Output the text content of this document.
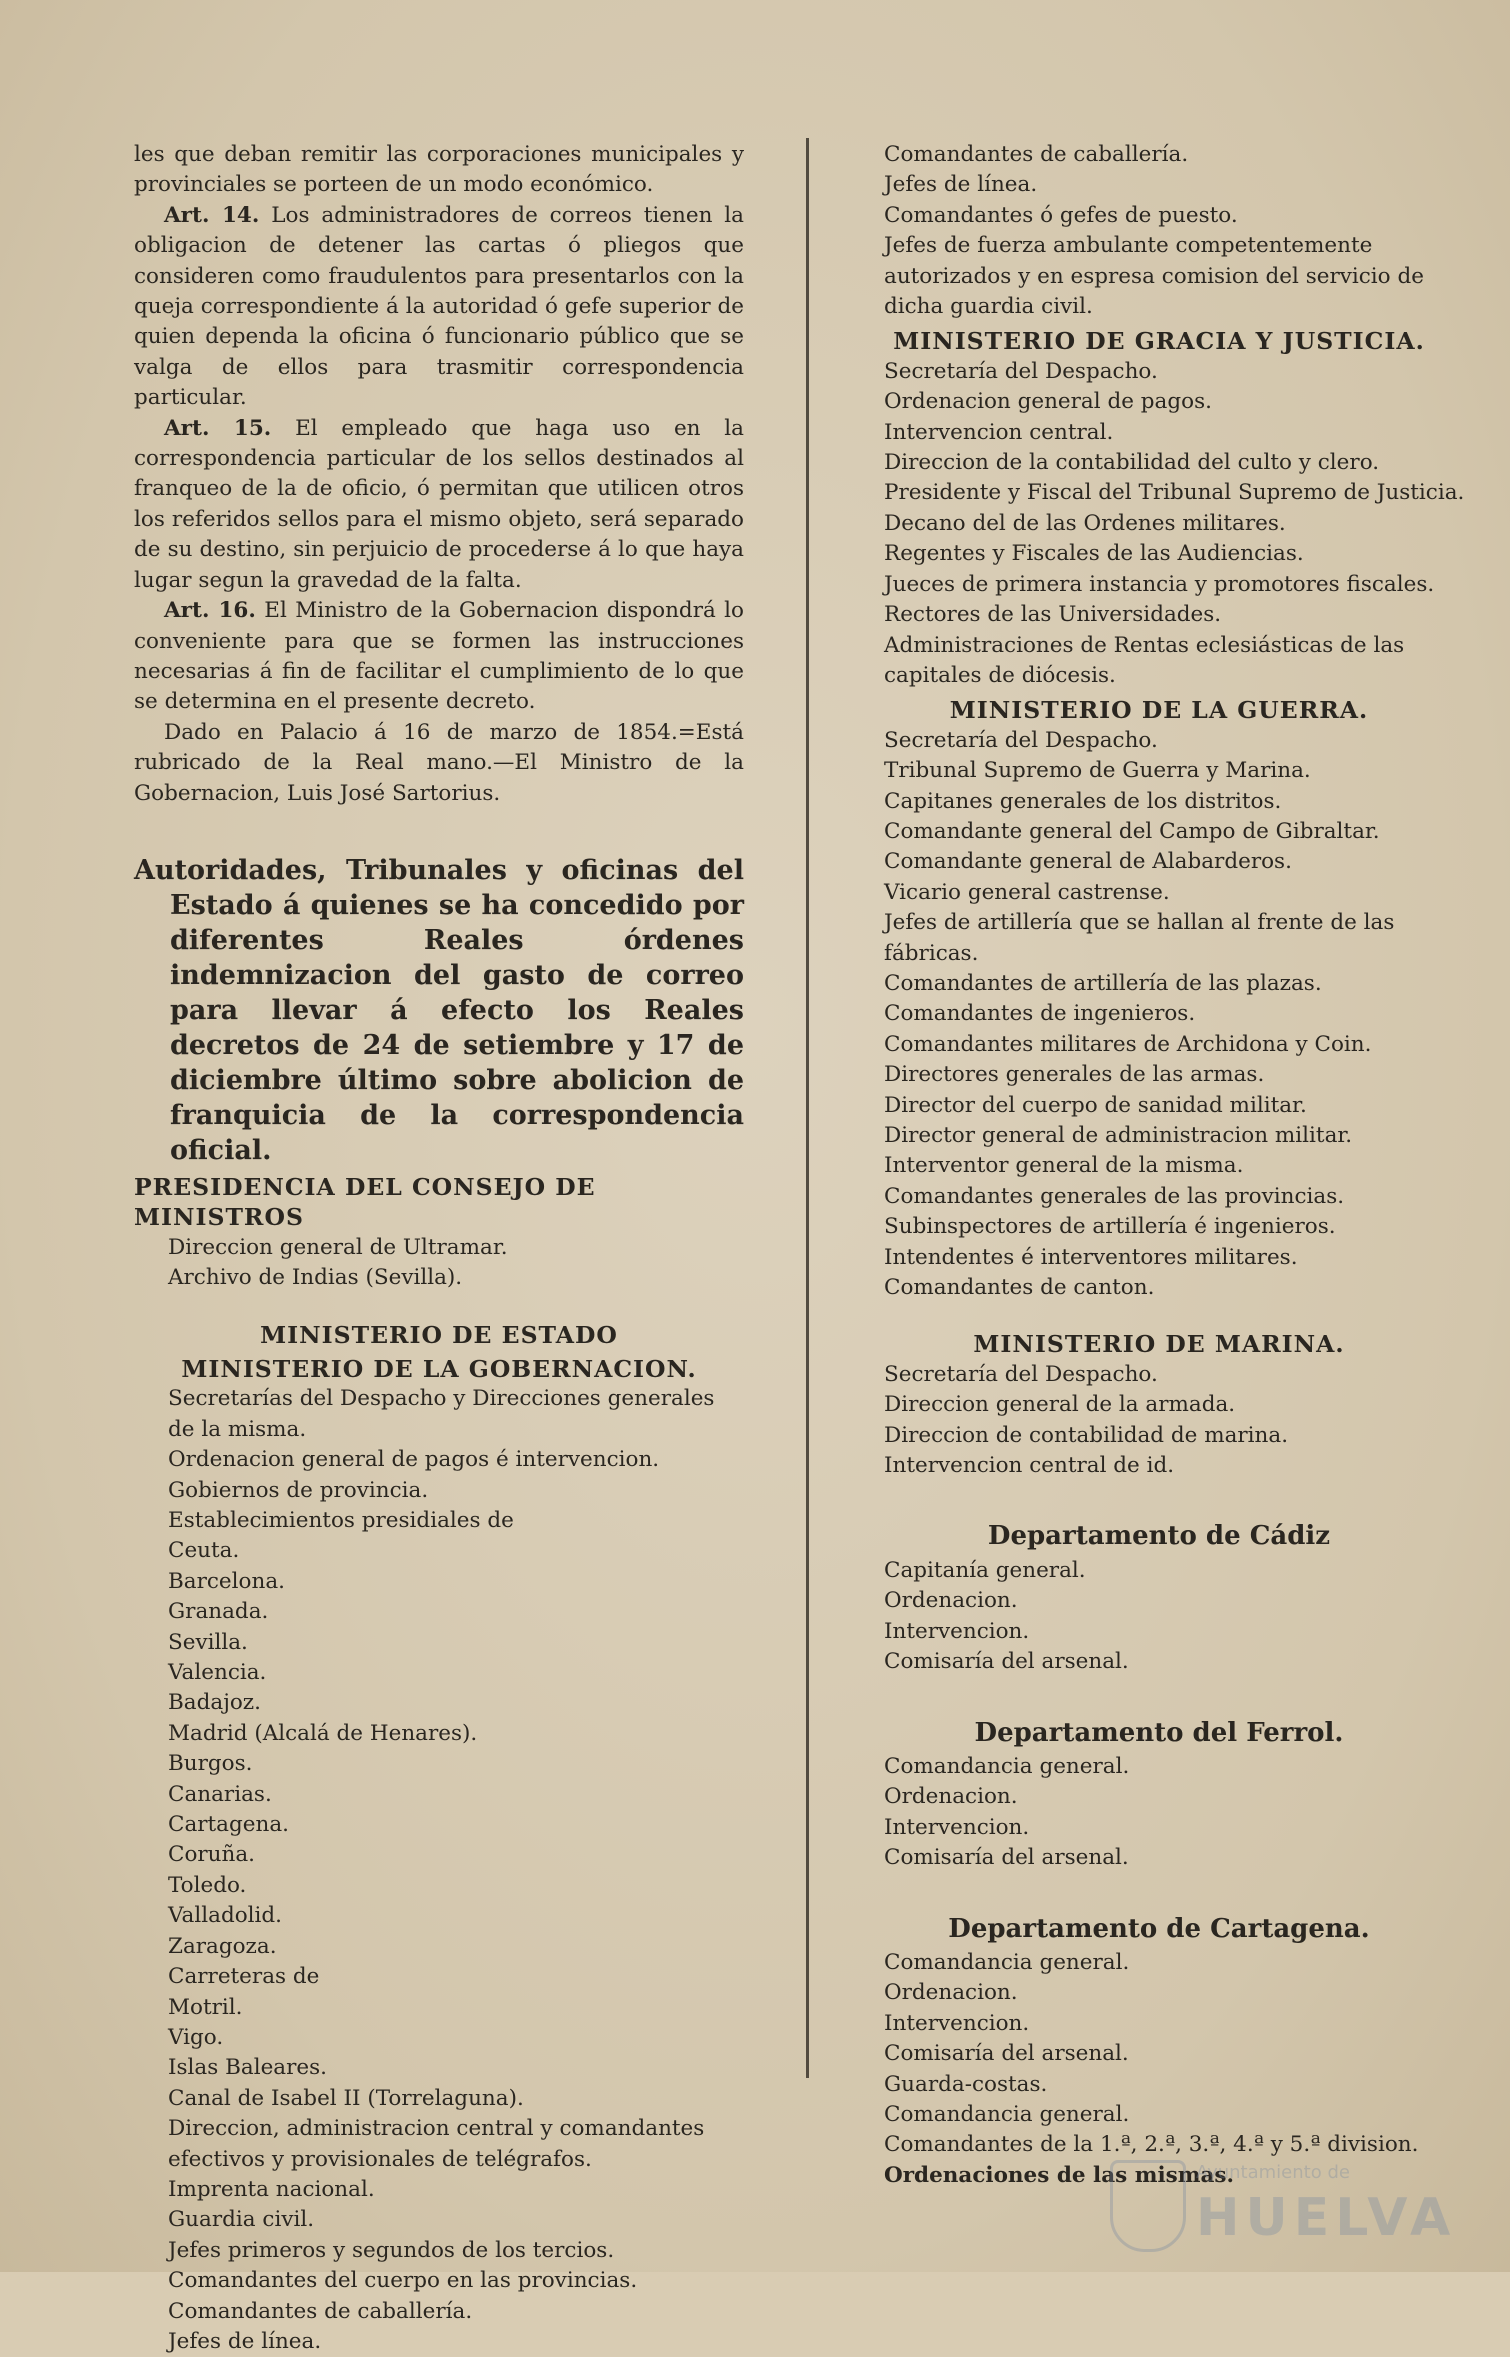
les que deban remitir las corporaciones municipales y provinciales se porteen de un modo económico.

Art. 14. Los administradores de correos tienen la obligacion de detener las cartas ó pliegos que consideren como fraudulentos para presentarlos con la queja correspondiente á la autoridad ó gefe superior de quien dependa la oficina ó funcionario público que se valga de ellos para trasmitir correspondencia particular.

Art. 15. El empleado que haga uso en la correspondencia particular de los sellos destinados al franqueo de la de oficio, ó permitan que utilicen otros los referidos sellos para el mismo objeto, será separado de su destino, sin perjuicio de procederse á lo que haya lugar segun la gravedad de la falta.

Art. 16. El Ministro de la Gobernacion dispondrá lo conveniente para que se formen las instrucciones necesarias á fin de facilitar el cumplimiento de lo que se determina en el presente decreto.

Dado en Palacio á 16 de marzo de 1854.=Está rubricado de la Real mano.—El Ministro de la Gobernacion, Luis José Sartorius.

Autoridades, Tribunales y oficinas del Estado á quienes se ha concedido por diferentes Reales órdenes indemnizacion del gasto de correo para llevar á efecto los Reales decretos de 24 de setiembre y 17 de diciembre último sobre abolicion de franquicia de la correspondencia oficial.

PRESIDENCIA DEL CONSEJO DE MINISTROS

Direccion general de Ultramar.

Archivo de Indias (Sevilla).

MINISTERIO DE ESTADO

MINISTERIO DE LA GOBERNACION.

Secretarías del Despacho y Direcciones generales de la misma.

Ordenacion general de pagos é intervencion.

Gobiernos de provincia.

Establecimientos presidiales de

Ceuta.

Barcelona.

Granada.

Sevilla.

Valencia.

Badajoz.

Madrid (Alcalá de Henares).

Burgos.

Canarias.

Cartagena.

Coruña.

Toledo.

Valladolid.

Zaragoza.

Carreteras de

Motril.

Vigo.

Islas Baleares.

Canal de Isabel II (Torrelaguna).

Direccion, administracion central y comandantes efectivos y provisionales de telégrafos.

Imprenta nacional.

Guardia civil.

Jefes primeros y segundos de los tercios.

Comandantes del cuerpo en las provincias.

Comandantes de caballería.

Jefes de línea.

Comandantes de caballería.

Jefes de línea.

Comandantes ó gefes de puesto.

Jefes de fuerza ambulante competentemente autorizados y en espresa comision del servicio de dicha guardia civil.

MINISTERIO DE GRACIA Y JUSTICIA.

Secretaría del Despacho.

Ordenacion general de pagos.

Intervencion central.

Direccion de la contabilidad del culto y clero.

Presidente y Fiscal del Tribunal Supremo de Justicia.

Decano del de las Ordenes militares.

Regentes y Fiscales de las Audiencias.

Jueces de primera instancia y promotores fiscales.

Rectores de las Universidades.

Administraciones de Rentas eclesiásticas de las capitales de diócesis.

MINISTERIO DE LA GUERRA.

Secretaría del Despacho.

Tribunal Supremo de Guerra y Marina.

Capitanes generales de los distritos.

Comandante general del Campo de Gibraltar.

Comandante general de Alabarderos.

Vicario general castrense.

Jefes de artillería que se hallan al frente de las fábricas.

Comandantes de artillería de las plazas.

Comandantes de ingenieros.

Comandantes militares de Archidona y Coin.

Directores generales de las armas.

Director del cuerpo de sanidad militar.

Director general de administracion militar.

Interventor general de la misma.

Comandantes generales de las provincias.

Subinspectores de artillería é ingenieros.

Intendentes é interventores militares.

Comandantes de canton.

MINISTERIO DE MARINA.

Secretaría del Despacho.

Direccion general de la armada.

Direccion de contabilidad de marina.

Intervencion central de id.

Departamento de Cádiz

Capitanía general.

Ordenacion.

Intervencion.

Comisaría del arsenal.

Departamento del Ferrol.

Comandancia general.

Ordenacion.

Intervencion.

Comisaría del arsenal.

Departamento de Cartagena.

Comandancia general.

Ordenacion.

Intervencion.

Comisaría del arsenal.

Guarda-costas.

Comandancia general.

Comandantes de la 1.ª, 2.ª, 3.ª, 4.ª y 5.ª division.

Ordenaciones de las mismas.

Ayuntamiento de
HUELVA
